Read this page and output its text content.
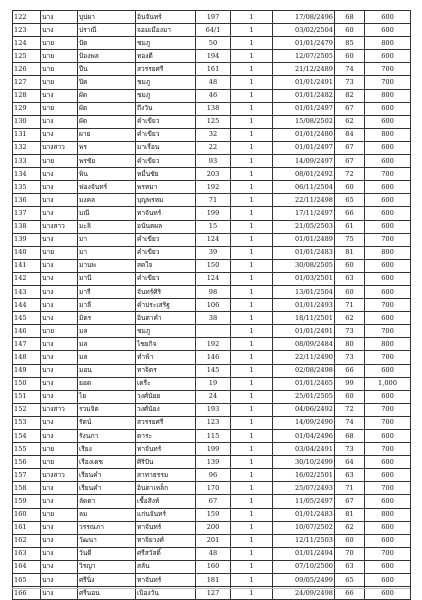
122	นาง	บุปผา	อินจันทร์	197	1	17/08/2496	68	600
123	นาง	ปราณี	จอมเมืองมา	64/1	1	03/02/2504	60	600
124	นาย	ปัด	ชมภู	50	1	01/01/2479	85	800
125	นาย	ป้องพล	ทองดี	194	1	12/07/2505	60	600
126	นาย	ปืน	สวรรยศรี	161	1	21/12/2489	74	700
127	นาย	ปิด	ชมภู	48	1	01/01/2491	73	700
128	นาง	ผัด	ชมภู	46	1	01/01/2482	82	800
129	นาย	ผัด	ถึงวัน	138	1	01/01/2497	67	600
130	นาง	ผัด	คำเขียว	125	1	15/08/2502	62	600
131	นาง	ผาย	คำเขียว	32	1	01/01/2480	84	800
132	นางสาว	พร	มาเรือน	22	1	01/01/2497	67	600
133	นาย	พรชัย	คำเขียว	93	1	14/09/2497	67	600
134	นาง	พิน	หมื่นชัย	203	1	08/01/2492	72	700
135	นาง	ฟองจันทร์	พรหมา	192	1	06/11/2504	60	600
136	นาง	มงคล	บุญพรหม	71	1	22/11/2498	65	600
137	นาง	มณี	ทาจันทร์	199	1	17/11/2497	66	600
138	นางสาว	มะลิ	อนันตผล	15	1	21/05/2503	61	600
139	นาง	มา	คำเขียว	124	1	01/01/2489	75	700
140	นาย	มา	คำเขียว	39	1	01/01/2483	81	800
141	นาง	มานพ	สดใจ	150	1	30/08/2505	60	600
142	นาง	มานี	คำเขียว	124	1	01/03/2501	63	600
143	นาง	มารี	จันทร์ศิริ	98	1	13/01/2504	60	600
144	นาง	มาลี	คำประเสริฐ	106	1	01/01/2493	71	700
145	นาง	มิตร	อินตาคำ	38	1	18/11/2501	62	600
146	นาย	มล	ชมภู		1	01/01/2491	73	700
147	นาง	มล	ไชยกิจ	192	1	08/09/2484	80	800
148	นาง	มล	ทำฟ้า	146	1	22/11/2490	73	700
149	นาง	มอน	ทาจิตร	145	1	02/08/2498	66	600
150	นาง	ยอด	เตรีะ	19	1	01/01/2465	99	1,000
151	นาง	ไย	วงศ์นัยย	24	1	25/01/2505	60	600
152	นางสาว	รวมจิต	วงศ์นัยง	193	1	04/06/2492	72	700
153	นาง	รัตน์	สวรรยศรี	123	1	14/09/2490	74	700
154	นาง	รังนภา	ตาระ	115	1	01/04/2496	68	600
155	นาย	เรียง	ทาจันทร์	199	1	03/04/2491	73	700
156	นาย	เรืองเดช	ศิริปัน	139	1	30/10/2499	64	600
157	นางสาว	เรียนคำ	สาทาธรรม	96	1	16/02/2501	63	600
158	นาง	เรียนคำ	อินตาเหล็ก	170	1	25/07/2493	71	700
159	นาง	ลัดดา	เชื้อสิงห์	67	1	11/05/2497	67	600
160	นาย	ลม	แก่นจันทร์	159	1	01/01/2483	81	800
161	นาง	วรรณภา	ทาจันทร์	200	1	10/07/2502	62	600
162	นาง	วัฒนา	ทาจิยวงศ์	201	1	12/11/2503	60	600
163	นาง	วันดี	ศรีสวัสดิ์	48	1	01/01/2494	70	700
164	นาง	วิรญา	สลัน	160	1	07/10/2500	63	600
165	นาง	ศรีนิ่ง	ทาจันทร์	181	1	09/05/2499	65	600
166	นาง	ศรีนอน	เปิองวัน	127	1	24/09/2498	66	600
